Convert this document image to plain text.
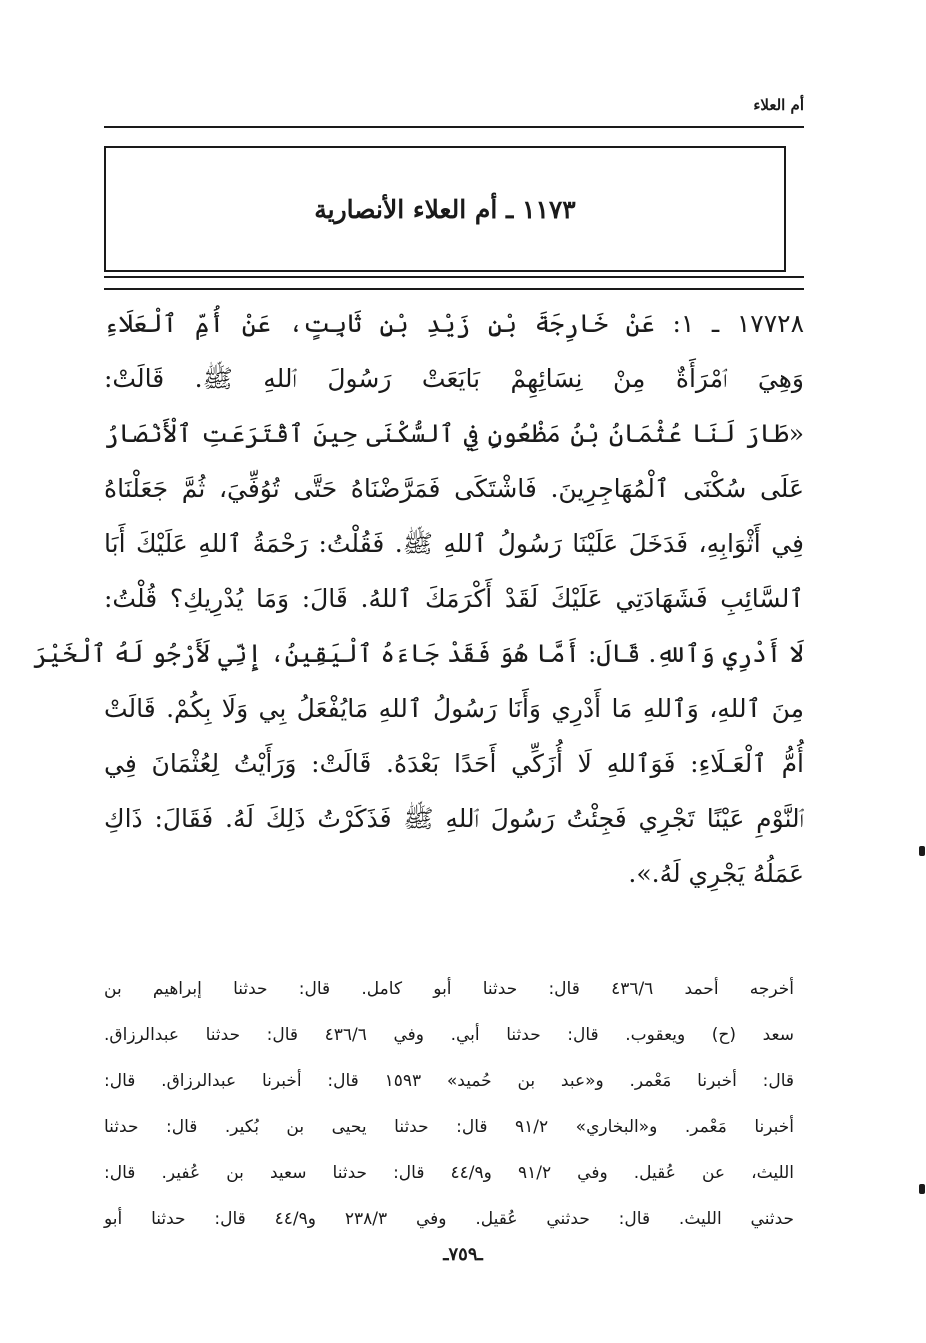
أم العلاء
١١٧٣ ـ أم العلاء الأنصارية
١٧٧٢٨ ـ ١: عَنْ خَارِجَةَ بْنِ زَيْدِ بْنِ ثَابِتٍ، عَنْ أُمِّ ٱلْعَلَاءِ
وَهِيَ ٱمْرَأَةٌ مِنْ نِسَائِهِمْ بَايَعَتْ رَسُولَ ٱللهِ ﷺ. قَالَتْ:
«طَارَ لَنَا عُثْمَانُ بْنُ مَظْعُونٍ فِي ٱلسُّكْنَى حِينَ ٱقْتَرَعَتِ ٱلْأَنْصَارُ
عَلَى سُكْنَى ٱلْمُهَاجِرِينَ. فَاشْتَكَى فَمَرَّضْنَاهُ حَتَّى تُوُفِّيَ، ثُمَّ جَعَلْنَاهُ
فِي أَثْوَابِهِ، فَدَخَلَ عَلَيْنَا رَسُولُ ٱللهِ ﷺ. فَقُلْتُ: رَحْمَةُ ٱللهِ عَلَيْكَ أَبَا
ٱلسَّائِبِ فَشَهَادَتِي عَلَيْكَ لَقَدْ أَكْرَمَكَ ٱللهُ. قَالَ: وَمَا يُدْرِيكِ؟ قُلْتُ:
لَا أَدْرِي وَٱللهِ. قَالَ: أَمَّا هُوَ فَقَدْ جَاءَهُ ٱلْيَقِينُ، إِنِّي لَأَرْجُو لَهُ ٱلْخَيْرَ
مِنَ ٱللهِ، وَٱللهِ مَا أَدْرِي وَأَنَا رَسُولُ ٱللهِ مَايُفْعَلُ بِي وَلَا بِكُمْ. قَالَتْ
أُمُّ ٱلْعَـلَاءِ: فَوَٱللهِ لَا أُزَكِّي أَحَدًا بَعْدَهُ. قَالَتْ: وَرَأَيْتُ لِعُثْمَانَ فِي
ٱلنَّوْمِ عَيْنًا تَجْرِي فَجِئْتُ رَسُولَ ٱللهِ ﷺ فَذَكَرْتُ ذَلِكَ لَهُ. فَقَالَ: ذَاكِ
عَمَلُهُ يَجْرِي لَهُ.».
أخرجه أحمد ٤٣٦/٦ قال: حدثنا أبو كامل. قال: حدثنا إبراهيم بن
سعد (ح) ويعقوب. قال: حدثنا أبي. وفي ٤٣٦/٦ قال: حدثنا عبدالرزاق.
قال: أخبرنا مَعْمر. و«عبد بن حُميد» ١٥٩٣ قال: أخبرنا عبدالرزاق. قال:
أخبرنا مَعْمر. و«البخاري» ٩١/٢ قال: حدثنا يحيى بن بُكير. قال: حدثنا
الليث، عن عُقيل. وفي ٩١/٢ و٤٤/٩ قال: حدثنا سعيد بن عُفير. قال:
حدثني الليث. قال: حدثني عُقيل. وفي ٢٣٨/٣ و٤٤/٩ قال: حدثنا أبو
ـ٧٥٩ـ
